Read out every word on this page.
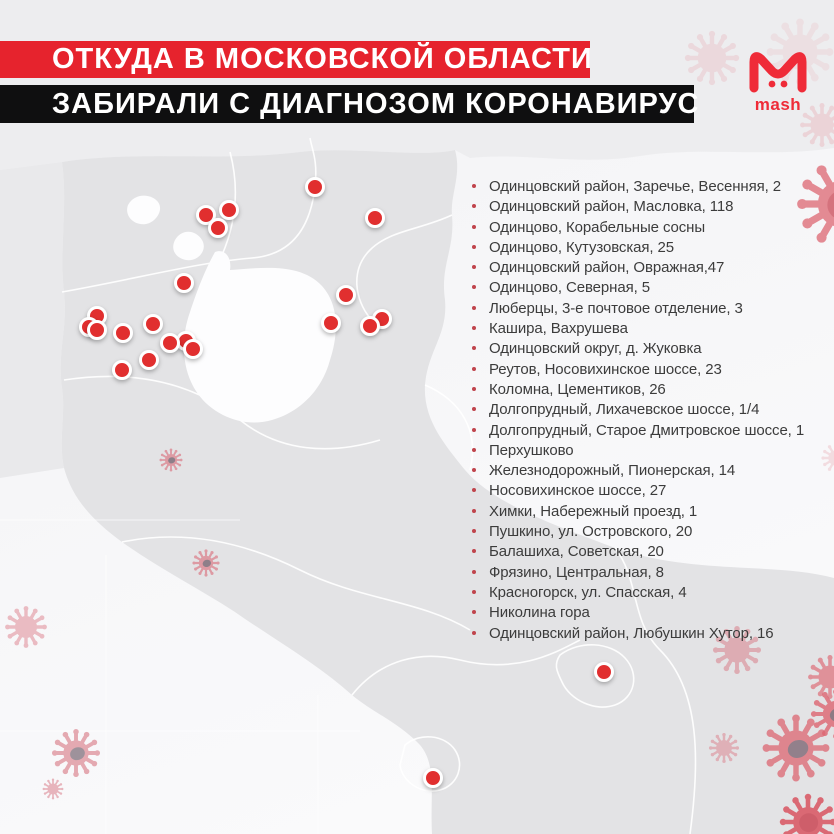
ОТКУДА В МОСКОВСКОЙ ОБЛАСТИ
ЗАБИРАЛИ С ДИАГНОЗОМ КОРОНАВИРУС	mash
Одинцовский район, Заречье, Весенняя, 2
Одинцовский район, Масловка, 118
Одинцово, Корабельные сосны
Одинцово, Кутузовская, 25
Одинцовский район, Овражная,47
Одинцово, Северная, 5
Люберцы, 3-е почтовое отделение, 3
Кашира, Вахрушева
Одинцовский округ, д. Жуковка
Реутов, Носовихинское шоссе, 23
Коломна, Цементиков, 26
Долгопрудный, Лихачевское шоссе, 1/4
Долгопрудный, Старое Дмитровское шоссе, 1
Перхушково
Железнодорожный, Пионерская, 14
Носовихинское шоссе, 27
Химки, Набережный проезд, 1
Пушкино, ул. Островского, 20
Балашиха, Советская, 20
Фрязино, Центральная, 8
Красногорск, ул. Спасская, 4
Николина гора
Одинцовский район, Любушкин Хутор, 16
